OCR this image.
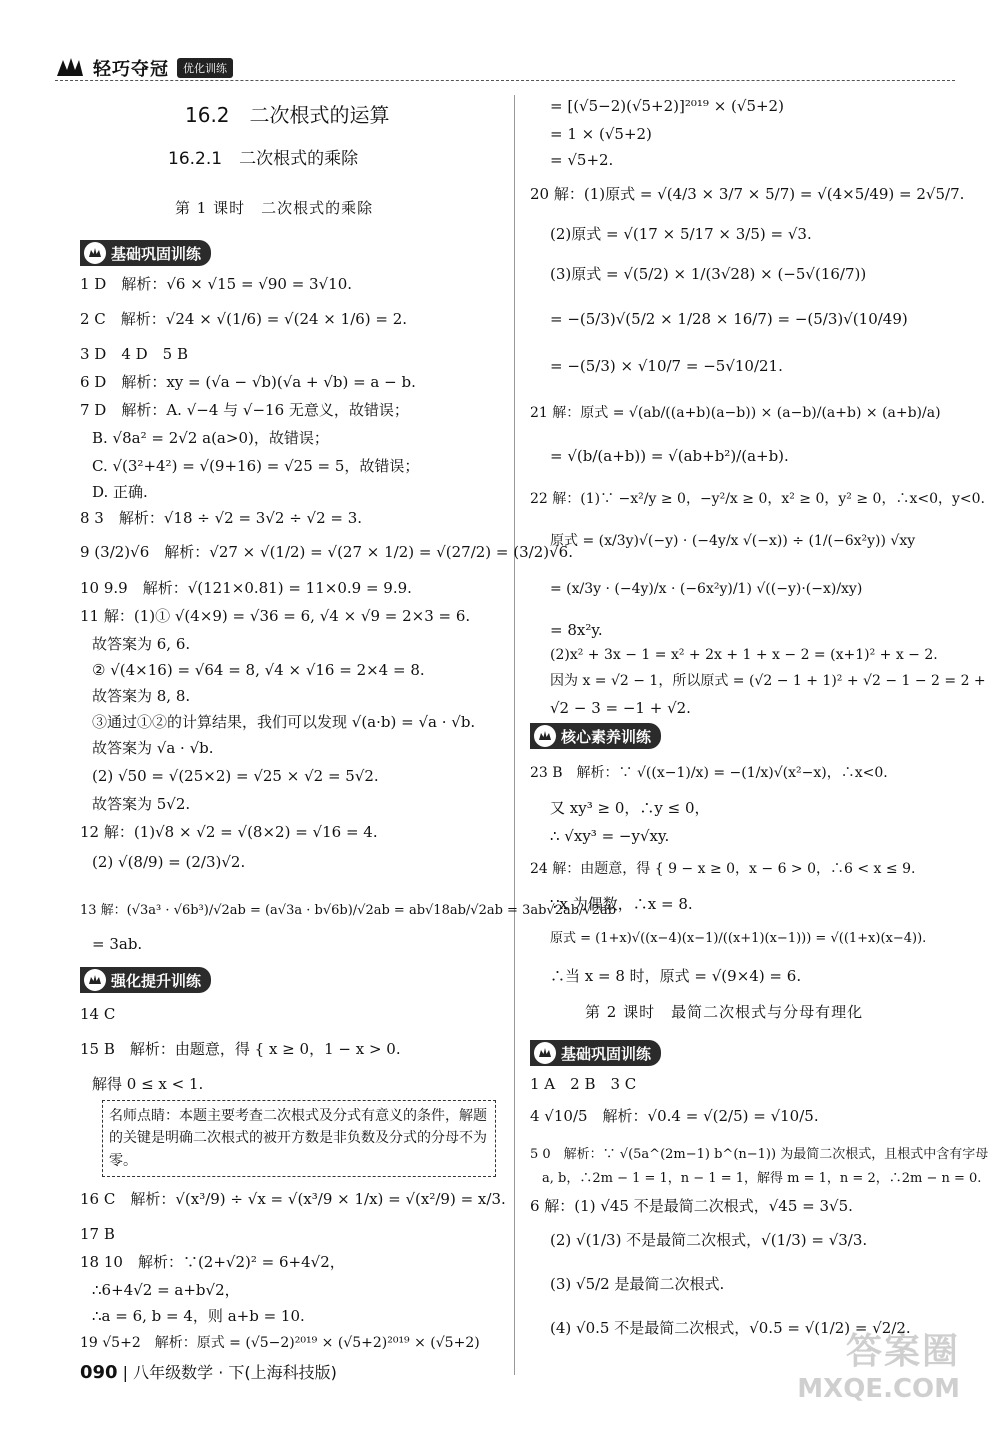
轻巧夺冠	优化训练
16.2　二次根式的运算
16.2.1　二次根式的乘除
第 1 课时　二次根式的乘除
基础巩固训练
1 D　解析：√6 × √15 = √90 = 3√10.
2 C　解析：√24 × √(1/6) = √(24 × 1/6) = 2.
3 D　4 D　5 B
6 D　解析：xy = (√a − √b)(√a + √b) = a − b.
7 D　解析：A. √−4 与 √−16 无意义，故错误；
B. √8a² = 2√2 a(a>0)，故错误；
C. √(3²+4²) = √(9+16) = √25 = 5，故错误；
D. 正确.
8 3　解析：√18 ÷ √2 = 3√2 ÷ √2 = 3.
9 (3/2)√6　解析：√27 × √(1/2) = √(27 × 1/2) = √(27/2) = (3/2)√6.
10 9.9　解析：√(121×0.81) = 11×0.9 = 9.9.
11 解：(1)① √(4×9) = √36 = 6, √4 × √9 = 2×3 = 6.
故答案为 6, 6.
② √(4×16) = √64 = 8, √4 × √16 = 2×4 = 8.
故答案为 8, 8.
③通过①②的计算结果，我们可以发现 √(a·b) = √a · √b.
故答案为 √a · √b.
(2) √50 = √(25×2) = √25 × √2 = 5√2.
故答案为 5√2.
12 解：(1)√8 × √2 = √(8×2) = √16 = 4.
(2) √(8/9) = (2/3)√2.
13 解：(√3a³ · √6b³)/√2ab = (a√3a · b√6b)/√2ab = ab√18ab/√2ab = 3ab√2ab/√2ab
= 3ab.
强化提升训练
14 C
15 B　解析：由题意，得 { x ≥ 0，1 − x > 0.
解得 0 ≤ x < 1.
名师点睛：本题主要考查二次根式及分式有意义的条件，解题的关键是明确二次根式的被开方数是非负数及分式的分母不为零。
16 C　解析：√(x³/9) ÷ √x = √(x³/9 × 1/x) = √(x²/9) = x/3.
17 B
18 10　解析：∵(2+√2)² = 6+4√2，
∴6+4√2 = a+b√2，
∴a = 6, b = 4，则 a+b = 10.
19 √5+2　解析：原式 = (√5−2)²⁰¹⁹ × (√5+2)²⁰¹⁹ × (√5+2)
= [(√5−2)(√5+2)]²⁰¹⁹ × (√5+2)
= 1 × (√5+2)
= √5+2.
20 解：(1)原式 = √(4/3 × 3/7 × 5/7) = √(4×5/49) = 2√5/7.
(2)原式 = √(17 × 5/17 × 3/5) = √3.
(3)原式 = √(5/2) × 1/(3√28) × (−5√(16/7))
= −(5/3)√(5/2 × 1/28 × 16/7) = −(5/3)√(10/49)
= −(5/3) × √10/7 = −5√10/21.
21 解：原式 = √(ab/((a+b)(a−b)) × (a−b)/(a+b) × (a+b)/a)
= √(b/(a+b)) = √(ab+b²)/(a+b).
22 解：(1)∵ −x²/y ≥ 0，−y²/x ≥ 0，x² ≥ 0，y² ≥ 0，∴x<0，y<0.
原式 = (x/3y)√(−y) · (−4y/x √(−x)) ÷ (1/(−6x²y)) √xy
= (x/3y · (−4y)/x · (−6x²y)/1) √((−y)·(−x)/xy)
= 8x²y.
(2)x² + 3x − 1 = x² + 2x + 1 + x − 2 = (x+1)² + x − 2.
因为 x = √2 − 1，所以原式 = (√2 − 1 + 1)² + √2 − 1 − 2 = 2 +
√2 − 3 = −1 + √2.
核心素养训练
23 B　解析：∵ √((x−1)/x) = −(1/x)√(x²−x)，∴x<0.
又 xy³ ≥ 0，∴y ≤ 0，
∴ √xy³ = −y√xy.
24 解：由题意，得 { 9 − x ≥ 0，x − 6 > 0，∴6 < x ≤ 9.
∵x 为偶数，∴x = 8.
原式 = (1+x)√((x−4)(x−1)/((x+1)(x−1))) = √((1+x)(x−4)).
∴当 x = 8 时，原式 = √(9×4) = 6.
第 2 课时　最简二次根式与分母有理化
基础巩固训练
1 A　2 B　3 C
4 √10/5　解析：√0.4 = √(2/5) = √10/5.
5 0　解析：∵ √(5a^(2m−1) b^(n−1)) 为最简二次根式，且根式中含有字母
a, b，∴2m − 1 = 1，n − 1 = 1，解得 m = 1，n = 2，∴2m − n = 0.
6 解：(1) √45 不是最简二次根式，√45 = 3√5.
(2) √(1/3) 不是最简二次根式，√(1/3) = √3/3.
(3) √5/2 是最简二次根式.
(4) √0.5 不是最简二次根式，√0.5 = √(1/2) = √2/2.
090 | 八年级数学 · 下(上海科技版)
答案圈
MXQE.COM
